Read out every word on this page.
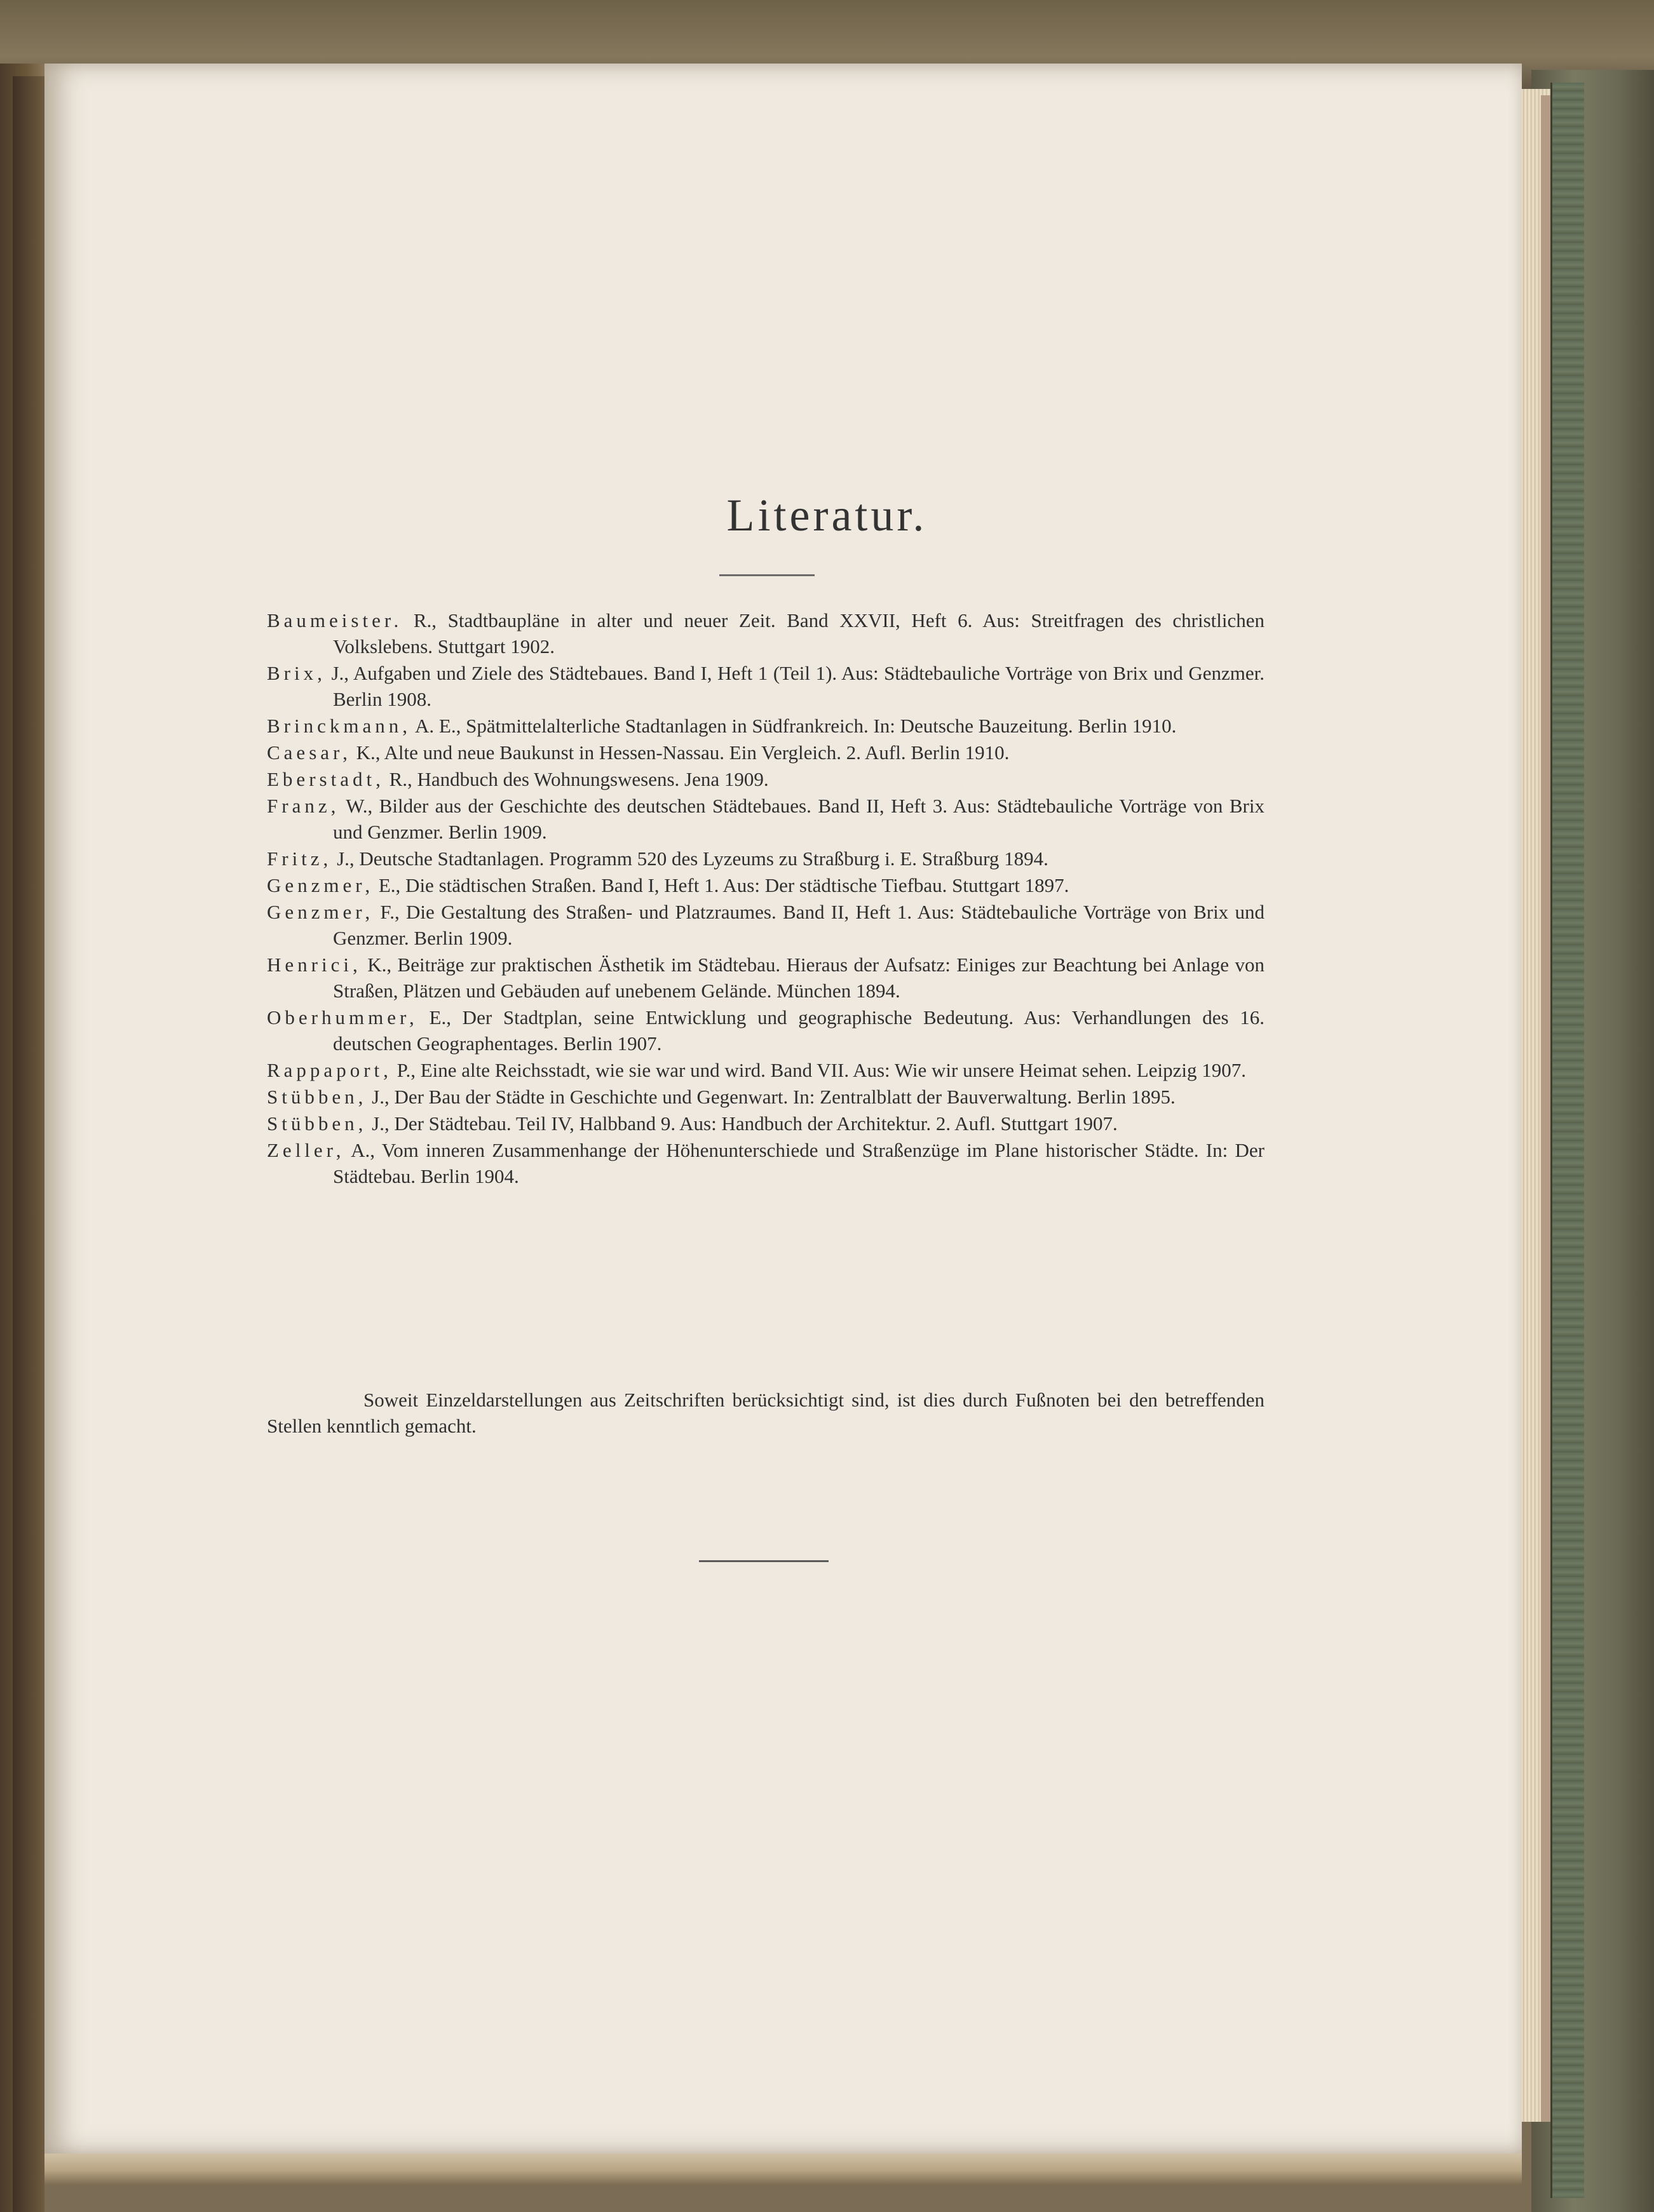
Literatur.
Baumeister. R., Stadtbaupläne in alter und neuer Zeit. Band XXVII, Heft 6. Aus: Streitfragen des christlichen Volkslebens. Stuttgart 1902.
Brix, J., Aufgaben und Ziele des Städtebaues. Band I, Heft 1 (Teil 1). Aus: Städtebauliche Vorträge von Brix und Genzmer. Berlin 1908.
Brinckmann, A. E., Spätmittelalterliche Stadtanlagen in Südfrankreich. In: Deutsche Bauzeitung. Berlin 1910.
Caesar, K., Alte und neue Baukunst in Hessen-Nassau. Ein Vergleich. 2. Aufl. Berlin 1910.
Eberstadt, R., Handbuch des Wohnungswesens. Jena 1909.
Franz, W., Bilder aus der Geschichte des deutschen Städtebaues. Band II, Heft 3. Aus: Städtebauliche Vorträge von Brix und Genzmer. Berlin 1909.
Fritz, J., Deutsche Stadtanlagen. Programm 520 des Lyzeums zu Straßburg i. E. Straßburg 1894.
Genzmer, E., Die städtischen Straßen. Band I, Heft 1. Aus: Der städtische Tiefbau. Stuttgart 1897.
Genzmer, F., Die Gestaltung des Straßen- und Platzraumes. Band II, Heft 1. Aus: Städtebauliche Vorträge von Brix und Genzmer. Berlin 1909.
Henrici, K., Beiträge zur praktischen Ästhetik im Städtebau. Hieraus der Aufsatz: Einiges zur Beachtung bei Anlage von Straßen, Plätzen und Gebäuden auf unebenem Gelände. München 1894.
Oberhummer, E., Der Stadtplan, seine Entwicklung und geographische Bedeutung. Aus: Verhandlungen des 16. deutschen Geographentages. Berlin 1907.
Rappaport, P., Eine alte Reichsstadt, wie sie war und wird. Band VII. Aus: Wie wir unsere Heimat sehen. Leipzig 1907.
Stübben, J., Der Bau der Städte in Geschichte und Gegenwart. In: Zentralblatt der Bauverwaltung. Berlin 1895.
Stübben, J., Der Städtebau. Teil IV, Halbband 9. Aus: Handbuch der Architektur. 2. Aufl. Stuttgart 1907.
Zeller, A., Vom inneren Zusammenhange der Höhenunterschiede und Straßenzüge im Plane historischer Städte. In: Der Städtebau. Berlin 1904.

Soweit Einzeldarstellungen aus Zeitschriften berücksichtigt sind, ist dies durch Fußnoten bei den betreffenden Stellen kenntlich gemacht.
